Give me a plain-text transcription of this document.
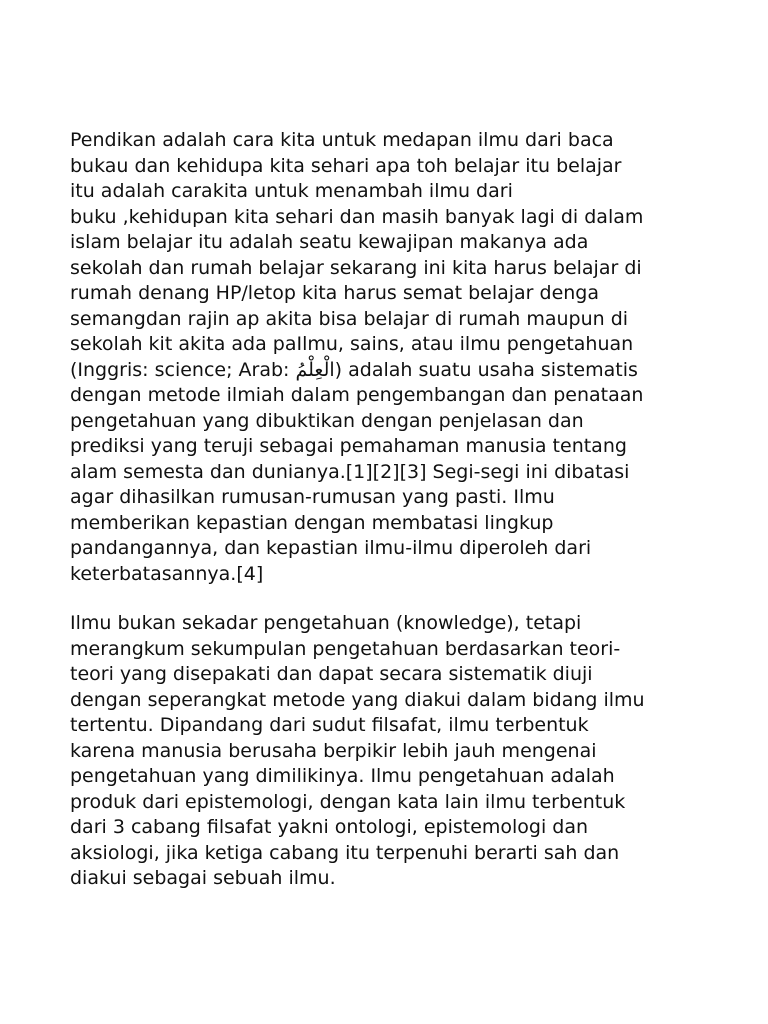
Pendikan adalah cara kita untuk medapan ilmu dari baca
bukau dan kehidupa kita sehari apa toh belajar itu belajar
itu adalah carakita untuk menambah ilmu dari
buku ,kehidupan kita sehari dan masih banyak lagi di dalam
islam belajar itu adalah seatu kewajipan makanya ada
sekolah dan rumah belajar sekarang ini kita harus belajar di
rumah denang HP/letop kita harus semat belajar denga
semangdan rajin ap akita bisa belajar di rumah maupun di
sekolah kit akita ada paIlmu, sains, atau ilmu pengetahuan
(Inggris: science; Arab: الْعِلْمُ) adalah suatu usaha sistematis
dengan metode ilmiah dalam pengembangan dan penataan
pengetahuan yang dibuktikan dengan penjelasan dan
prediksi yang teruji sebagai pemahaman manusia tentang
alam semesta dan dunianya.[1][2][3] Segi-segi ini dibatasi
agar dihasilkan rumusan-rumusan yang pasti. Ilmu
memberikan kepastian dengan membatasi lingkup
pandangannya, dan kepastian ilmu-ilmu diperoleh dari
keterbatasannya.[4]
Ilmu bukan sekadar pengetahuan (knowledge), tetapi
merangkum sekumpulan pengetahuan berdasarkan teori-
teori yang disepakati dan dapat secara sistematik diuji
dengan seperangkat metode yang diakui dalam bidang ilmu
tertentu. Dipandang dari sudut filsafat, ilmu terbentuk
karena manusia berusaha berpikir lebih jauh mengenai
pengetahuan yang dimilikinya. Ilmu pengetahuan adalah
produk dari epistemologi, dengan kata lain ilmu terbentuk
dari 3 cabang filsafat yakni ontologi, epistemologi dan
aksiologi, jika ketiga cabang itu terpenuhi berarti sah dan
diakui sebagai sebuah ilmu.
